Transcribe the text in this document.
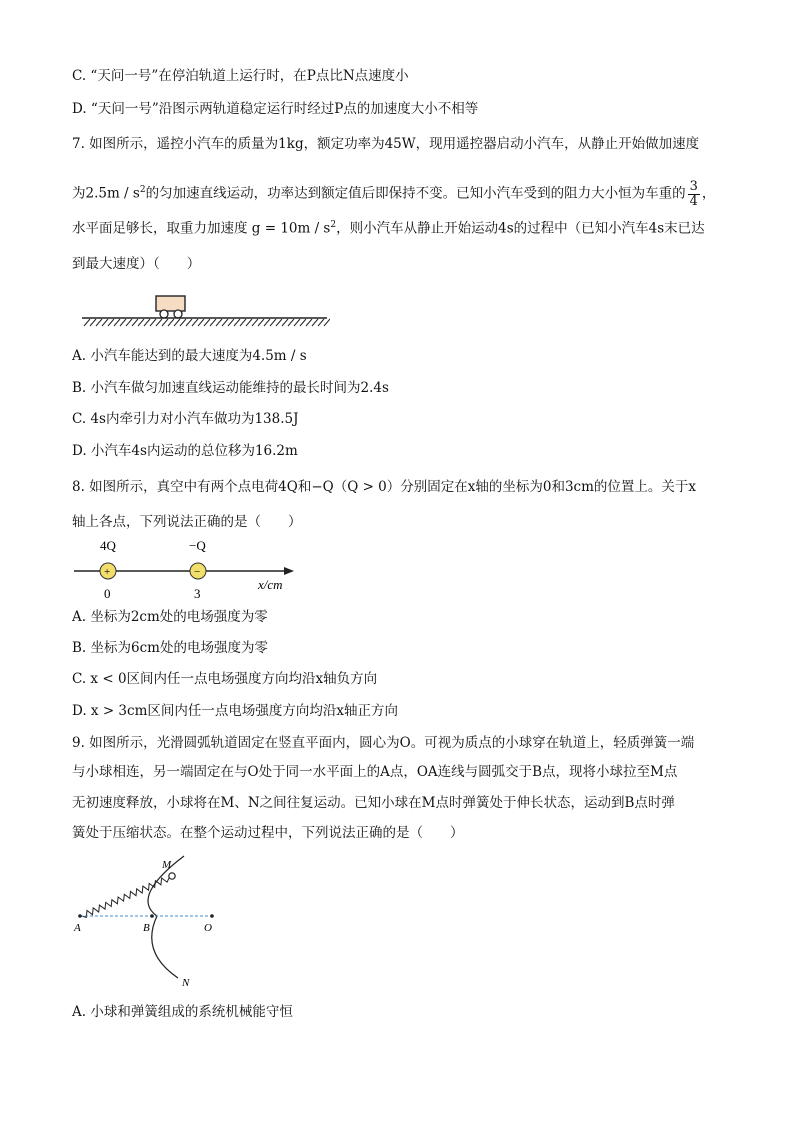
C. “天问一号”在停泊轨道上运行时，在P点比N点速度小
D. “天问一号”沿图示两轨道稳定运行时经过P点的加速度大小不相等
7. 如图所示，遥控小汽车的质量为1kg，额定功率为45W，现用遥控器启动小汽车，从静止开始做加速度
为$2.5m / s^2$的匀加速直线运动，功率达到额定值后即保持不变。已知小汽车受到的阻力大小恒为车重的 $\frac{3}{4}$ ，
水平面足够长，取重力加速度 $g = 10m / s^2$，则小汽车从静止开始运动4s的过程中（已知小汽车4s末已达
到最大速度）（　　）
A. 小汽车能达到的最大速度为4.5m / s
B. 小汽车做匀加速直线运动能维持的最长时间为2.4s
C. 4s内牵引力对小汽车做功为138.5J
D. 小汽车4s内运动的总位移为16.2m
8. 如图所示，真空中有两个点电荷4Q和−Q（Q > 0）分别固定在x轴的坐标为0和3cm的位置上。关于x
轴上各点，下列说法正确的是（　　）
4Q	−Q
+	−
0	3
x/cm
A. 坐标为2cm处的电场强度为零
B. 坐标为6cm处的电场强度为零
C. x < 0区间内任一点电场强度方向均沿x轴负方向
D. x > 3cm区间内任一点电场强度方向均沿x轴正方向
9. 如图所示，光滑圆弧轨道固定在竖直平面内，圆心为O。可视为质点的小球穿在轨道上，轻质弹簧一端
与小球相连，另一端固定在与O处于同一水平面上的A点，OA连线与圆弧交于B点，现将小球拉至M点
无初速度释放，小球将在M、N之间往复运动。已知小球在M点时弹簧处于伸长状态，运动到B点时弹
簧处于压缩状态。在整个运动过程中，下列说法正确的是（　　）
M
A	B	O
N
A. 小球和弹簧组成的系统机械能守恒
